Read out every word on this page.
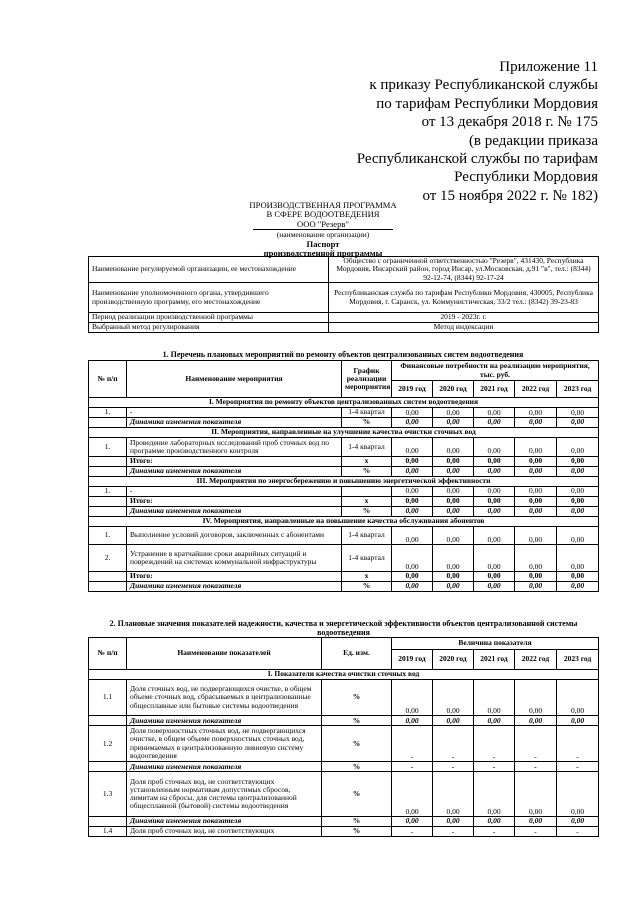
Приложение 11
к приказу Республиканской службы
по тарифам Республики Мордовия
от 13 декабря 2018 г. № 175
(в редакции приказа
Республиканской службы по тарифам
Республики Мордовия
от 15 ноября 2022 г. № 182)
ПРОИЗВОДСТВЕННАЯ ПРОГРАММА
В СФЕРЕ ВОДООТВЕДЕНИЯ
ООО "Резерв"
(наименование организации)
Паспорт
производственной программы
Наименование регулируемой организации, ее местонахождение	Общество с ограниченной ответственностью "Резерв", 431430, Республика Мордовия, Инсарский район, город Инсар, ул.Московская, д.91 "в", тел.: (8344) 92-12-74, (8344) 92-17-24
Наименование уполномоченного органа, утвердившего производственную программу, его местонахождение	Республиканская служба по тарифам Республики Мордовия, 430005, Республика Мордовия, г. Саранск, ул. Коммунистическая, 33/2 тел.: (8342) 39-23-83
Период реализации производственной программы	2019 - 2023г. г.
Выбранный метод регулирования	Метод индексации
1. Перечень плановых мероприятий по ремонту объектов централизованных систем водоотведения
№ п/п	Наименование мероприятия	График реализации мероприятия	Финансовые потребности на реализацию мероприятия, тыс. руб.				
			2019 год	2020 год	2021 год	2022 год	2023 год
I. Мероприятия по ремонту объектов централизованных систем водоотведения							
1.	-	1-4 квартал	0,00	0,00	0,00	0,00	0,00
	Динамика изменения показателя	%	0,00	0,00	0,00	0,00	0,00
II. Мероприятия, направленные на улучшение качества очистки сточных вод							
1.	Проведение лабораторных исследований проб сточных вод по программе производственного контроля	1-4 квартал	0,00	0,00	0,00	0,00	0,00
	Итого:	х	0,00	0,00	0,00	0,00	0,00
	Динамика изменения показателя	%	0,00	0,00	0,00	0,00	0,00
III. Мероприятия по энергосбережению и повышению энергетической эффективности							
1.	-		0,00	0,00	0,00	0,00	0,00
	Итого:	х	0,00	0,00	0,00	0,00	0,00
	Динамика изменения показателя	%	0,00	0,00	0,00	0,00	0,00
IV. Мероприятия, направленные на повышение качества обслуживания абонентов							
1.	Выполнение условий договоров, заключенных с абонентами	1-4 квартал	0,00	0,00	0,00	0,00	0,00
2.	Устранение в кратчайшие сроки аварийных ситуаций и повреждений на системах коммунальной инфраструктуры	1-4 квартал	0,00	0,00	0,00	0,00	0,00
	Итого:	х	0,00	0,00	0,00	0,00	0,00
	Динамика изменения показателя	%	0,00	0,00	0,00	0,00	0,00
2. Плановые значения показателей надежности, качества и энергетической эффективности объектов централизованной системы водоотведения							
№ п/п	Наименование показателей	Ед. изм.	Величина показателя				
			2019 год	2020 год	2021 год	2022 год	2023 год
I. Показатели качества очистки сточных вод							
1.1	Доля сточных вод, не подвергающихся очистке, в общем объеме сточных вод, сбрасываемых в централизованные общесплавные или бытовые системы водоотведения	%	0,00	0,00	0,00	0,00	0,00
	Динамика изменения показателя	%	0,00	0,00	0,00	0,00	0,00
1.2	Доля поверхностных сточных вод, не подвергающихся очистке, в общем объеме поверхностных сточных вод, принимаемых в централизованную ливневую систему водоотведения	%	-	-	-	-	-
	Динамика изменения показателя	%	-	-	-	-	-
1.3	Доля проб сточных вод, не соответствующих установленным нормативам допустимых сбросов, лимитам на сбросы, для системы централизованной общесплавной (бытовой) системы водоотведения	%	0,00	0,00	0,00	0,00	0,00
	Динамика изменения показателя	%	0,00	0,00	0,00	0,00	0,00
1.4	Доля проб сточных вод, не соответствующих	%	-	-	-	-	-
